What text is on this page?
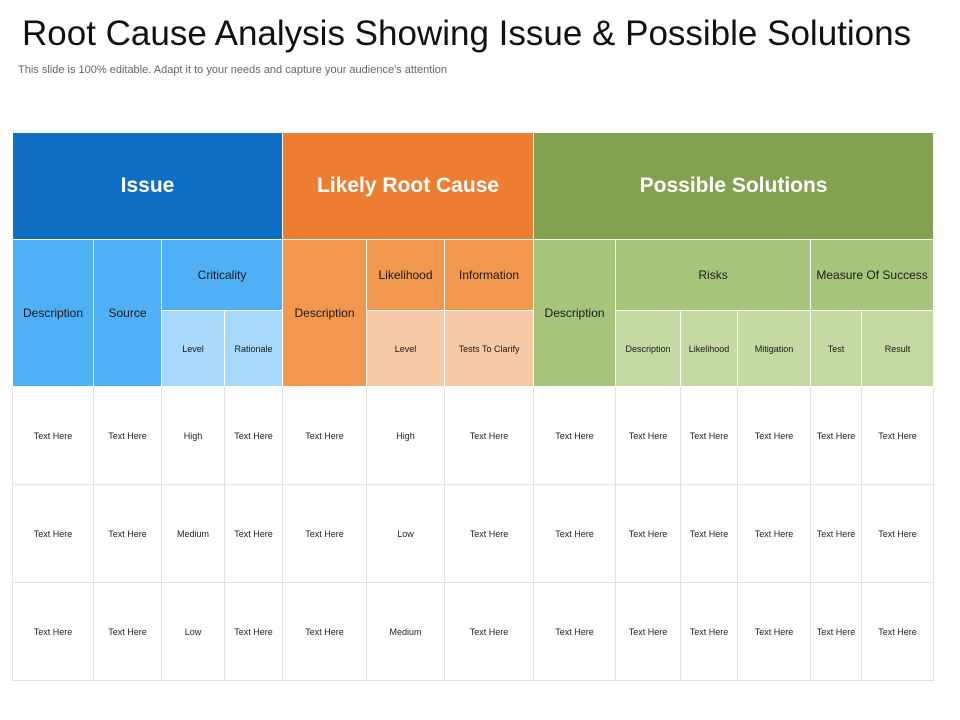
Root Cause Analysis Showing Issue & Possible Solutions
This slide is 100% editable. Adapt it to your needs and capture your audience's attention
Issue				Likely Root Cause			Possible Solutions					
Description	Source	Criticality		Description	Likelihood	Information	Description	Risks			Measure Of Success	
		Level	Rationale		Level	Tests To Clarify		Description	Likelihood	Mitigation	Test	Result
Text Here	Text Here	High	Text Here	Text Here	High	Text Here	Text Here	Text Here	Text Here	Text Here	Text Here	Text Here
Text Here	Text Here	Medium	Text Here	Text Here	Low	Text Here	Text Here	Text Here	Text Here	Text Here	Text Here	Text Here
Text Here	Text Here	Low	Text Here	Text Here	Medium	Text Here	Text Here	Text Here	Text Here	Text Here	Text Here	Text Here
